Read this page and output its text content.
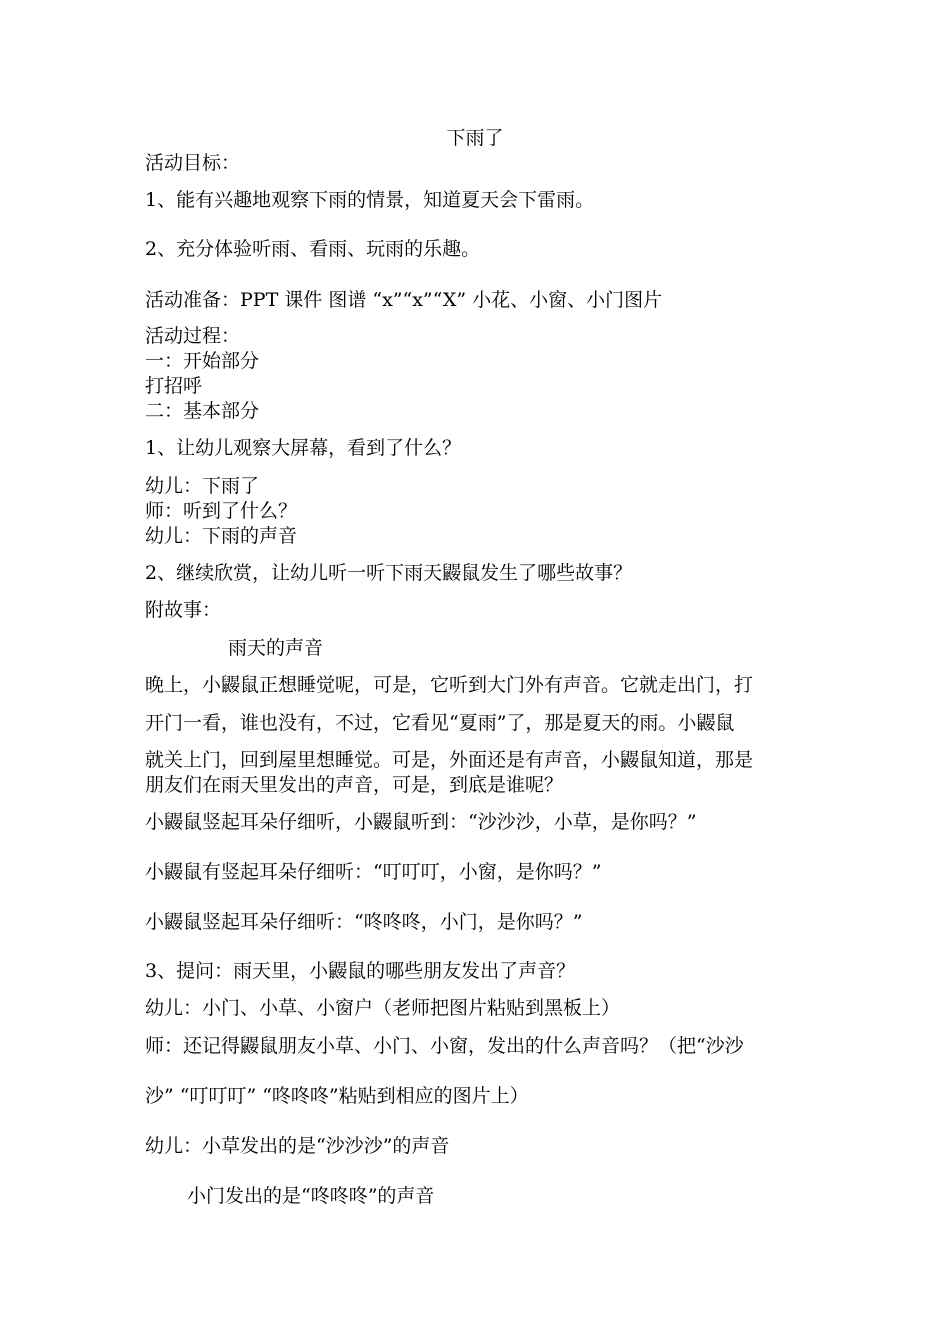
下雨了
活动目标：
1、能有兴趣地观察下雨的情景，知道夏天会下雷雨。
2、充分体验听雨、看雨、玩雨的乐趣。
活动准备：PPT 课件 图谱 “x”“x”“X” 小花、小窗、小门图片
活动过程：
一：开始部分
打招呼
二：基本部分
1、让幼儿观察大屏幕，看到了什么？
幼儿：下雨了
师：听到了什么？
幼儿：下雨的声音
2、继续欣赏，让幼儿听一听下雨天鼹鼠发生了哪些故事？
附故事：
雨天的声音
晚上，小鼹鼠正想睡觉呢，可是，它听到大门外有声音。它就走出门，打
开门一看，谁也没有，不过，它看见“夏雨”了，那是夏天的雨。小鼹鼠
就关上门，回到屋里想睡觉。可是，外面还是有声音，小鼹鼠知道，那是
朋友们在雨天里发出的声音，可是，到底是谁呢？
小鼹鼠竖起耳朵仔细听，小鼹鼠听到：“沙沙沙，小草，是你吗？”
小鼹鼠有竖起耳朵仔细听：“叮叮叮，小窗，是你吗？”
小鼹鼠竖起耳朵仔细听：“咚咚咚，小门，是你吗？”
3、提问：雨天里，小鼹鼠的哪些朋友发出了声音？
幼儿：小门、小草、小窗户（老师把图片粘贴到黑板上）
师：还记得鼹鼠朋友小草、小门、小窗，发出的什么声音吗？（把“沙沙
沙” “叮叮叮” “咚咚咚”粘贴到相应的图片上）
幼儿：小草发出的是“沙沙沙”的声音
小门发出的是“咚咚咚”的声音
